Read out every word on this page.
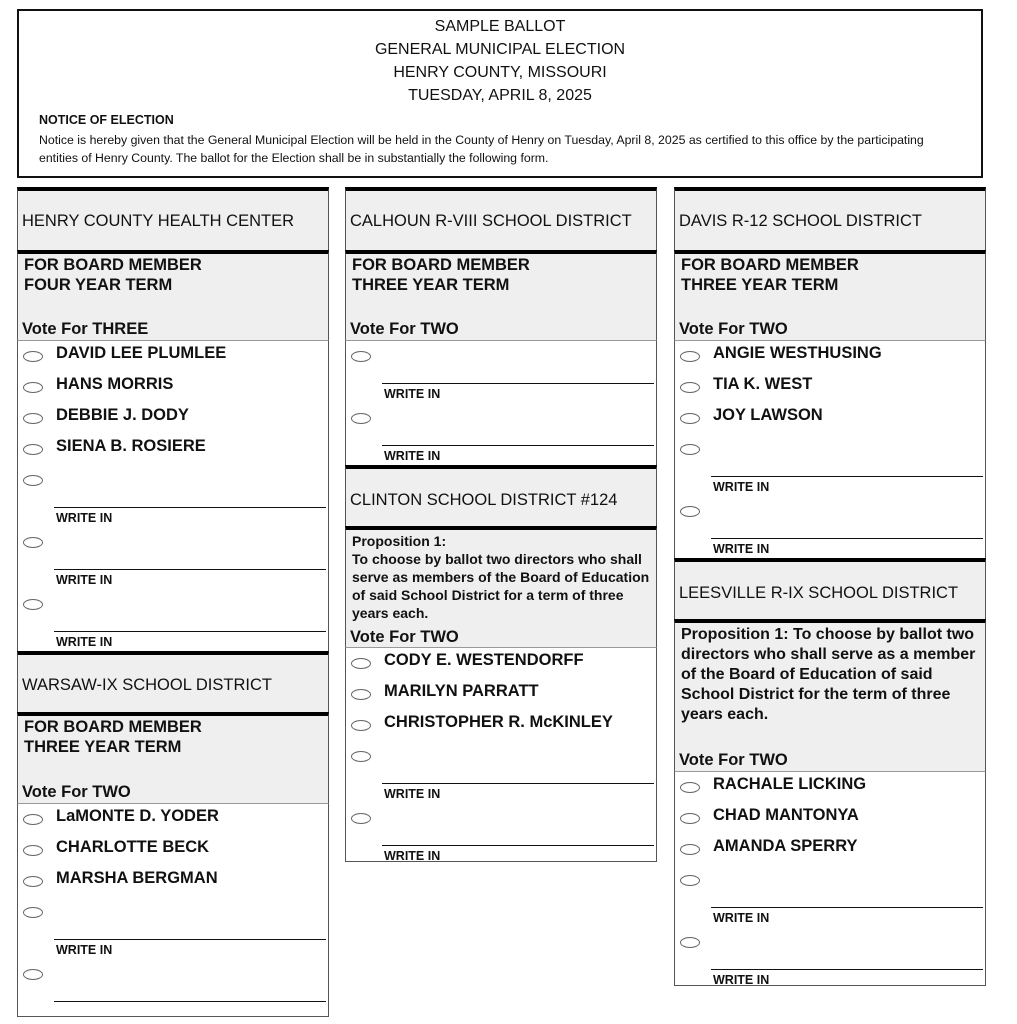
SAMPLE BALLOT
GENERAL MUNICIPAL ELECTION
HENRY COUNTY, MISSOURI
TUESDAY, APRIL 8, 2025
NOTICE OF ELECTION
Notice is hereby given that the General Municipal Election will be held in the County of Henry on Tuesday, April 8, 2025 as certified to this office by the participating entities of Henry County. The ballot for the Election shall be in substantially the following form.
HENRY COUNTY HEALTH CENTER
FOR BOARD MEMBER
FOUR YEAR TERM
Vote For THREE
DAVID LEE PLUMLEE
HANS MORRIS
DEBBIE J. DODY
SIENA B. ROSIERE
WRITE IN
WRITE IN
WRITE IN
WARSAW-IX SCHOOL DISTRICT
FOR BOARD MEMBER
THREE YEAR TERM
Vote For TWO
LaMONTE D. YODER
CHARLOTTE BECK
MARSHA BERGMAN
WRITE IN
CALHOUN R-VIII SCHOOL DISTRICT
FOR BOARD MEMBER
THREE YEAR TERM
Vote For TWO
WRITE IN
WRITE IN
CLINTON SCHOOL DISTRICT #124
Proposition 1:
To choose by ballot two directors who shall serve as members of the Board of Education of said School District for a term of three years each.
Vote For TWO
CODY E. WESTENDORFF
MARILYN PARRATT
CHRISTOPHER R. McKINLEY
WRITE IN
WRITE IN
DAVIS R-12 SCHOOL DISTRICT
FOR BOARD MEMBER
THREE YEAR TERM
Vote For TWO
ANGIE WESTHUSING
TIA K. WEST
JOY LAWSON
WRITE IN
WRITE IN
LEESVILLE R-IX SCHOOL DISTRICT
Proposition 1: To choose by ballot two directors who shall serve as a member of the Board of Education of said School District for the term of three years each.
Vote For TWO
RACHALE LICKING
CHAD MANTONYA
AMANDA SPERRY
WRITE IN
WRITE IN
